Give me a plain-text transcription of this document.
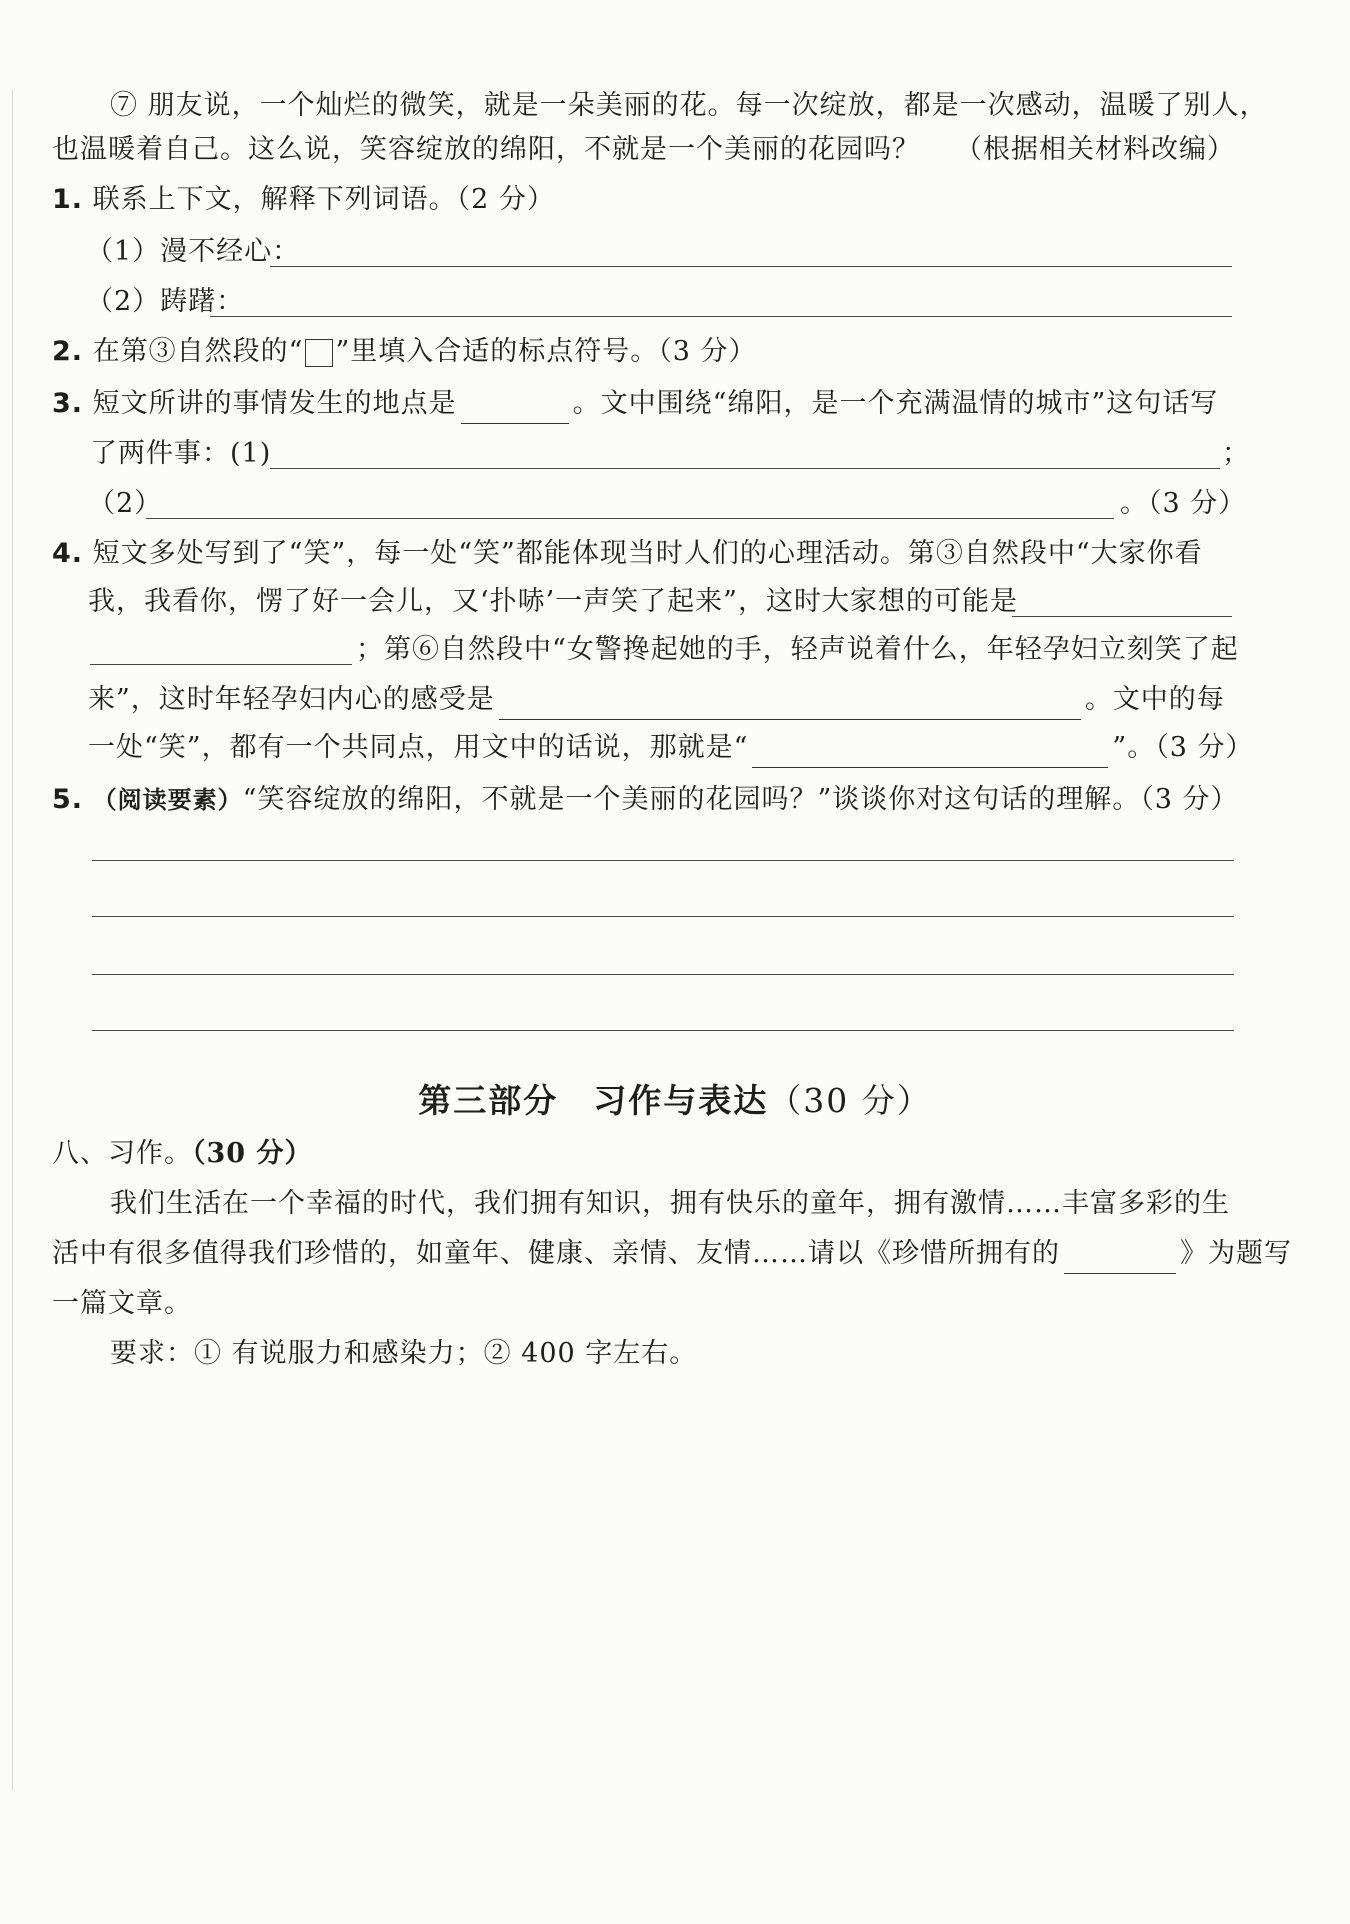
⑦ 朋友说，一个灿烂的微笑，就是一朵美丽的花。每一次绽放，都是一次感动，温暖了别人，
也温暖着自己。这么说，笑容绽放的绵阳，不就是一个美丽的花园吗？ （根据相关材料改编）
1. 联系上下文，解释下列词语。（2 分）
（1）漫不经心：
（2）踌躇：
2. 在第③自然段的“ ”里填入合适的标点符号。（3 分）
3. 短文所讲的事情发生的地点是	。文中围绕“绵阳，是一个充满温情的城市”这句话写
了两件事：(1)	；
（2）	。（3 分）
4. 短文多处写到了“笑”，每一处“笑”都能体现当时人们的心理活动。第③自然段中“大家你看
我，我看你，愣了好一会儿，又‘扑哧’一声笑了起来”，这时大家想的可能是
；第⑥自然段中“女警搀起她的手，轻声说着什么，年轻孕妇立刻笑了起
来”，这时年轻孕妇内心的感受是	。文中的每
一处“笑”，都有一个共同点，用文中的话说，那就是“	”。（3 分）
5. （阅读要素）“笑容绽放的绵阳，不就是一个美丽的花园吗？”谈谈你对这句话的理解。（3 分）
第三部分　习作与表达（30 分）
八、习作。（30 分）
我们生活在一个幸福的时代，我们拥有知识，拥有快乐的童年，拥有激情……丰富多彩的生
活中有很多值得我们珍惜的，如童年、健康、亲情、友情……请以《珍惜所拥有的	》为题写
一篇文章。
要求：① 有说服力和感染力；② 400 字左右。
